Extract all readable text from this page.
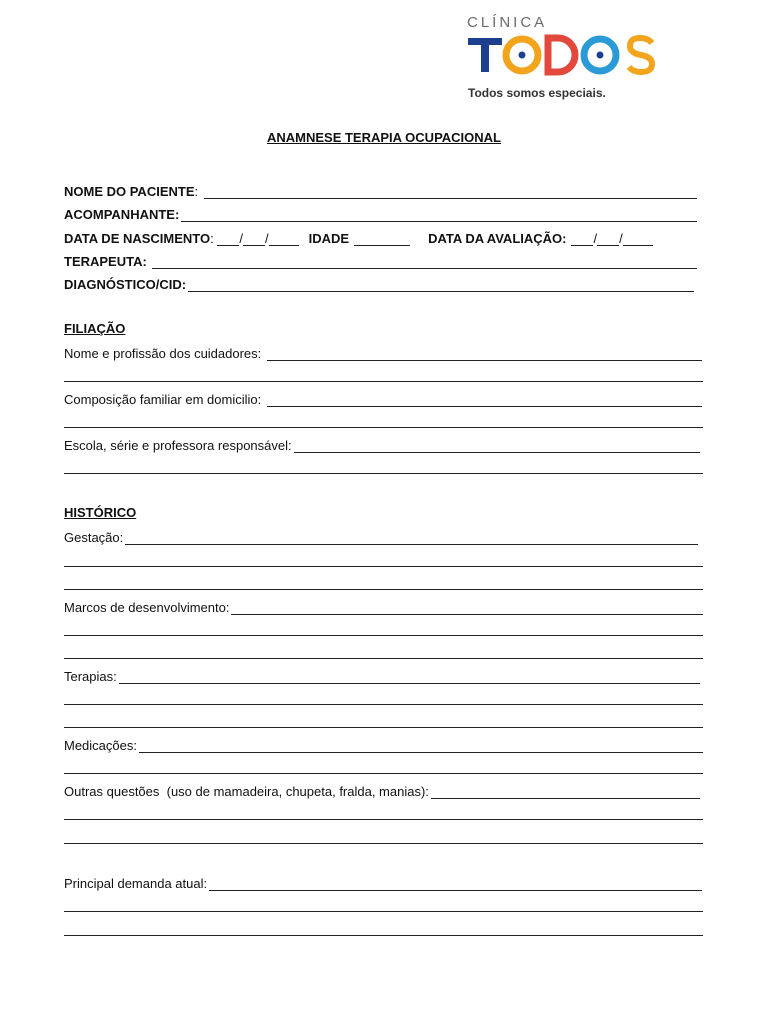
CLÍNICA
Todos somos especiais.
ANAMNESE TERAPIA OCUPACIONAL
NOME DO PACIENTE :
ACOMPANHANTE:
DATA DE NASCIMENTO : / /	IDADE	DATA DA AVALIAÇÃO: / /
TERAPEUTA:

DIAGNÓSTICO/CID:
FILIAÇÃO
Nome e profissão dos cuidadores:

Composição familiar em domicilio:

Escola, série e professora responsável:
HISTÓRICO
Gestação:
Marcos de desenvolvimento:
Terapias:
Medicações:
Outras questões  (uso de mamadeira, chupeta, fralda, manias):
Principal demanda atual:
